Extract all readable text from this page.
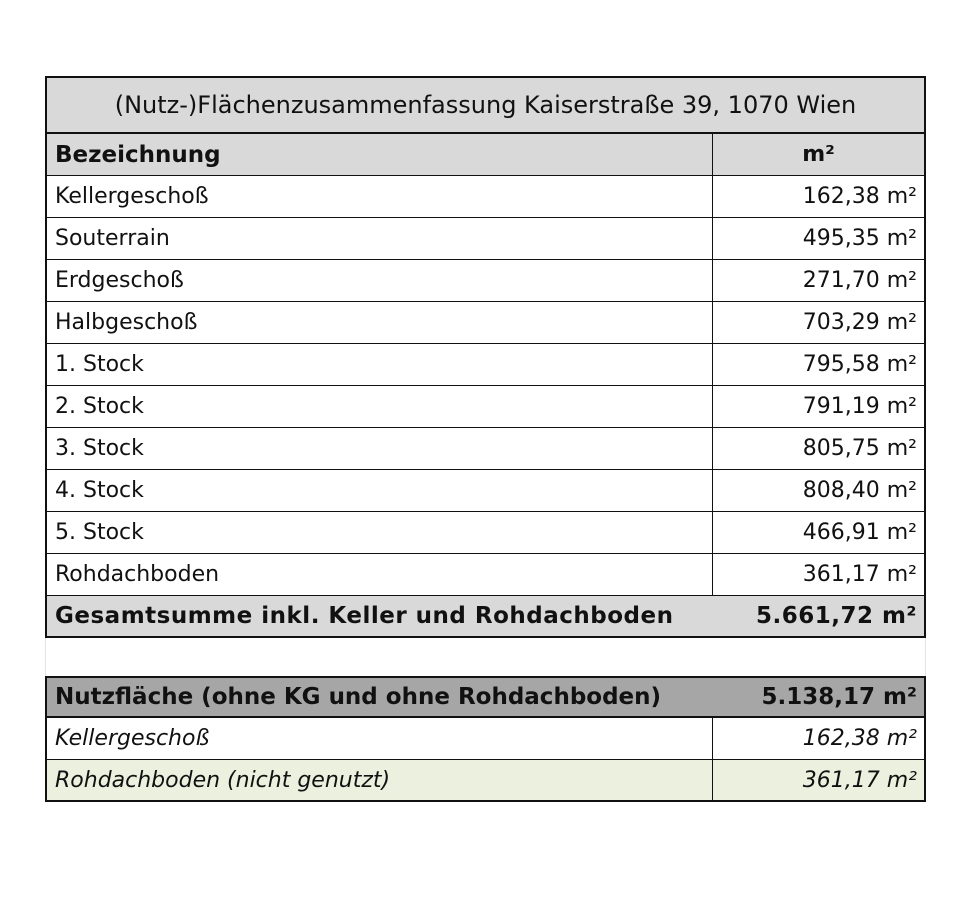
(Nutz-)Flächenzusammenfassung Kaiserstraße 39, 1070 Wien
Bezeichnung	m²
Kellergeschoß	162,38 m²
Souterrain	495,35 m²
Erdgeschoß	271,70 m²
Halbgeschoß	703,29 m²
1. Stock	795,58 m²
2. Stock	791,19 m²
3. Stock	805,75 m²
4. Stock	808,40 m²
5. Stock	466,91 m²
Rohdachboden	361,17 m²
Gesamtsumme inkl. Keller und Rohdachboden	5.661,72 m²
Nutzfläche (ohne KG und ohne Rohdachboden)	5.138,17 m²
Kellergeschoß	162,38 m²
Rohdachboden (nicht genutzt)	361,17 m²
